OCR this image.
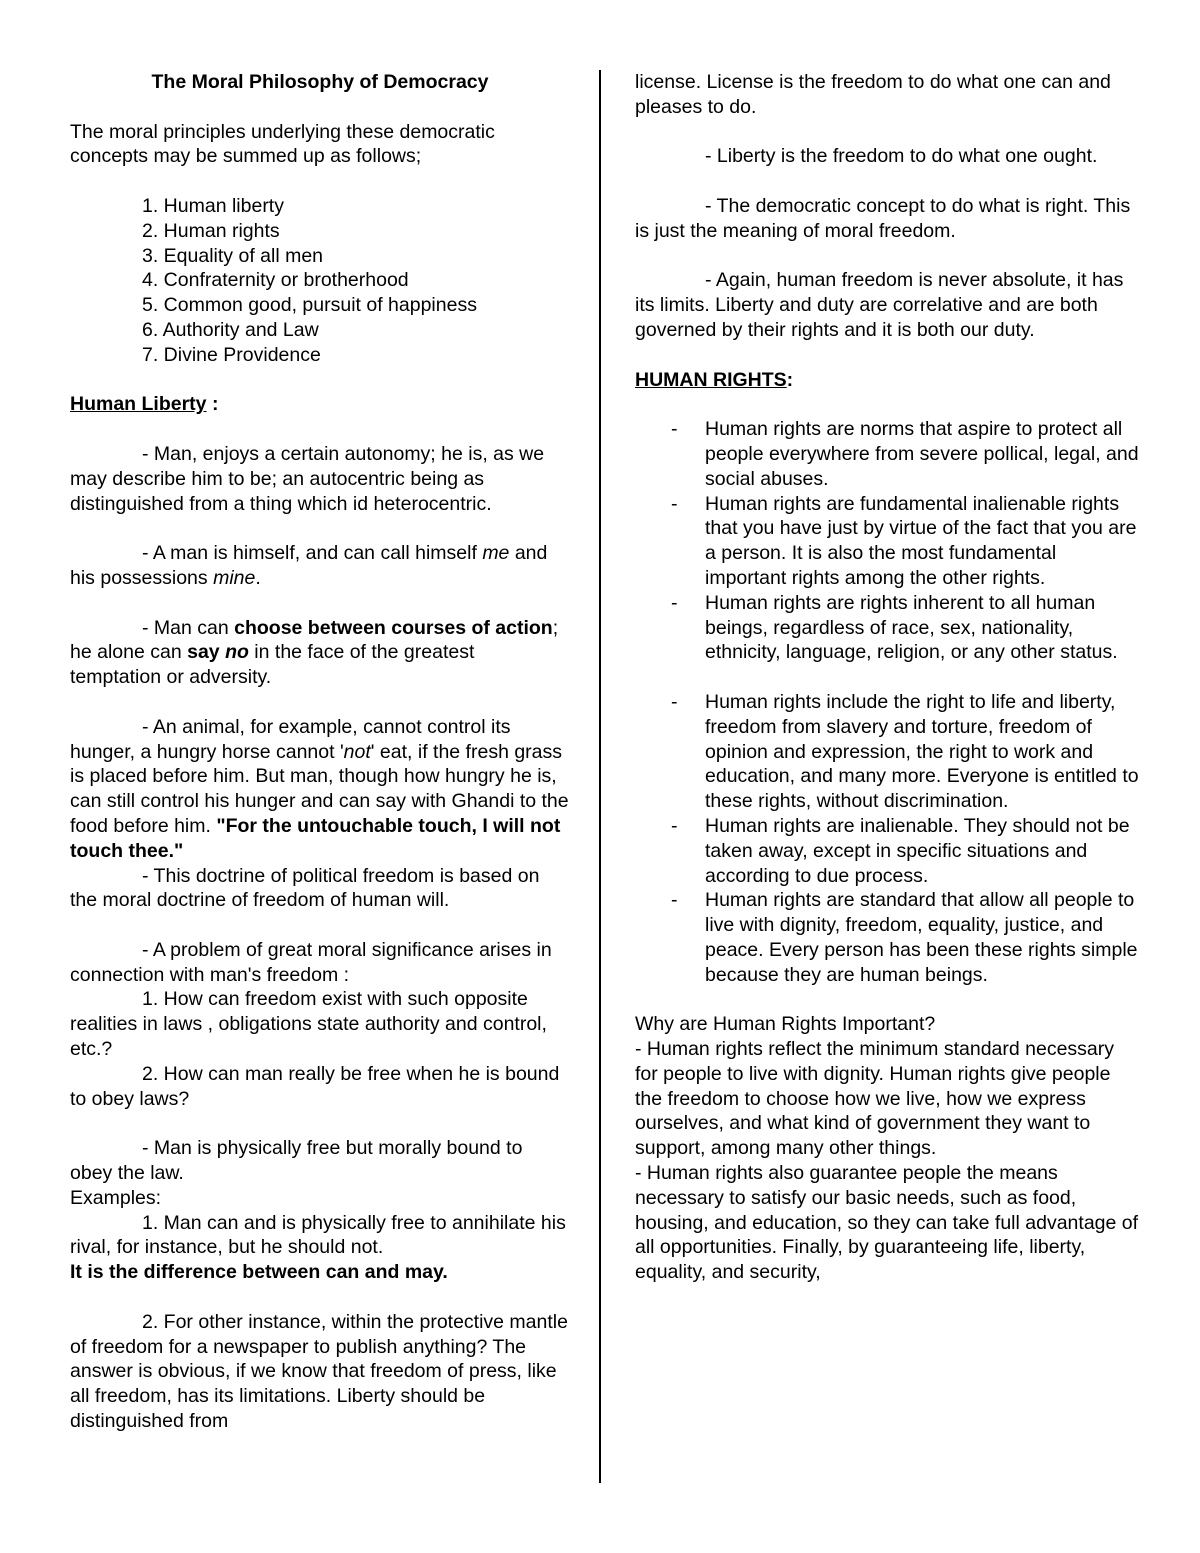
The Moral Philosophy of Democracy

The moral principles underlying these democratic concepts may be summed up as follows;

1. Human liberty

2. Human rights

3. Equality of all men

4. Confraternity or brotherhood

5. Common good, pursuit of happiness

6. Authority and Law

7. Divine Providence

Human Liberty :

- Man, enjoys a certain autonomy; he is, as we may describe him to be; an autocentric being as distinguished from a thing which id heterocentric.

- A man is himself, and can call himself me and his possessions mine.

- Man can choose between courses of action; he alone can say no in the face of the greatest temptation or adversity.

- An animal, for example, cannot control its hunger, a hungry horse cannot 'not' eat, if the fresh grass is placed before him. But man, though how hungry he is, can still control his hunger and can say with Ghandi to the food before him. "For the untouchable touch, I will not touch thee."

- This doctrine of political freedom is based on the moral doctrine of freedom of human will.

- A problem of great moral significance arises in connection with man's freedom :

1. How can freedom exist with such opposite realities in laws , obligations state authority and control, etc.?

2. How can man really be free when he is bound to obey laws?

- Man is physically free but morally bound to obey the law.

Examples:

1. Man can and is physically free to annihilate his rival, for instance, but he should not.

It is the difference between can and may.

2. For other instance, within the protective mantle of freedom for a newspaper to publish anything? The answer is obvious, if we know that freedom of press, like all freedom, has its limitations. Liberty should be distinguished from

license. License is the freedom to do what one can and pleases to do.

- Liberty is the freedom to do what one ought.

- The democratic concept to do what is right. This is just the meaning of moral freedom.

- Again, human freedom is never absolute, it has its limits. Liberty and duty are correlative and are both governed by their rights and it is both our duty.

HUMAN RIGHTS:

- Human rights are norms that aspire to protect all people everywhere from severe pollical, legal, and social abuses.
- Human rights are fundamental inalienable rights that you have just by virtue of the fact that you are a person. It is also the most fundamental important rights among the other rights.
- Human rights are rights inherent to all human beings, regardless of race, sex, nationality, ethnicity, language, religion, or any other status.
- Human rights include the right to life and liberty, freedom from slavery and torture, freedom of opinion and expression, the right to work and education, and many more. Everyone is entitled to these rights, without discrimination.
- Human rights are inalienable. They should not be taken away, except in specific situations and according to due process.
- Human rights are standard that allow all people to live with dignity, freedom, equality, justice, and peace. Every person has been these rights simple because they are human beings.

Why are Human Rights Important?

- Human rights reflect the minimum standard necessary for people to live with dignity. Human rights give people the freedom to choose how we live, how we express ourselves, and what kind of government they want to support, among many other things.

- Human rights also guarantee people the means necessary to satisfy our basic needs, such as food, housing, and education, so they can take full advantage of all opportunities. Finally, by guaranteeing life, liberty, equality, and security,
